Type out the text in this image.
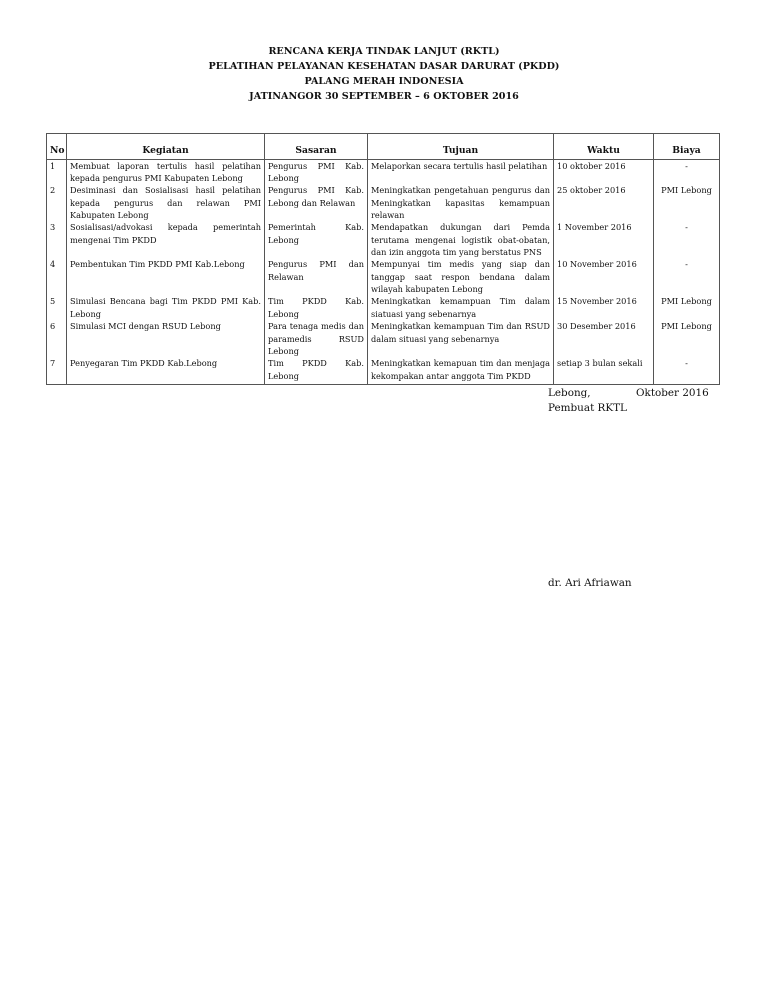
RENCANA KERJA TINDAK LANJUT (RKTL)
PELATIHAN PELAYANAN KESEHATAN DASAR DARURAT (PKDD)
PALANG MERAH INDONESIA
JATINANGOR 30 SEPTEMBER – 6 OKTOBER 2016
No	Kegiatan	Sasaran	Tujuan	Waktu	Biaya
1	Membuat laporan tertulis hasil pelatihan kepada pengurus PMI Kabupaten Lebong	Pengurus PMI Kab. Lebong	Melaporkan secara tertulis hasil pelatihan	10 oktober 2016	-
2	Desiminasi dan Sosialisasi hasil pelatihan kepada pengurus dan relawan PMI Kabupaten Lebong	Pengurus PMI Kab. Lebong dan Relawan	Meningkatkan pengetahuan pengurus dan Meningkatkan kapasitas kemampuan relawan	25 oktober 2016	PMI Lebong
3	Sosialisasi/advokasi kepada pemerintah mengenai Tim PKDD	Pemerintah Kab. Lebong	Mendapatkan dukungan dari Pemda terutama mengenai logistik obat-obatan, dan izin anggota tim yang berstatus PNS	1 November 2016	-
4	Pembentukan Tim PKDD PMI Kab.Lebong	Pengurus PMI dan Relawan	Mempunyai tim medis yang siap dan tanggap saat respon bendana dalam wilayah kabupaten Lebong	10 November 2016	-
5	Simulasi Bencana bagi Tim PKDD PMI Kab. Lebong	Tim PKDD Kab. Lebong	Meningkatkan kemampuan Tim dalam siatuasi yang sebenarnya	15 November 2016	PMI Lebong
6	Simulasi MCI dengan RSUD Lebong	Para tenaga medis dan paramedis RSUD Lebong	Meningkatkan kemampuan Tim dan RSUD dalam situasi yang sebenarnya	30 Desember 2016	PMI Lebong
7	Penyegaran Tim PKDD Kab.Lebong	Tim PKDD Kab. Lebong	Meningkatkan kemapuan tim dan menjaga kekompakan antar anggota Tim PKDD	setiap 3 bulan sekali	-
Lebong,	Oktober 2016
Pembuat RKTL
dr. Ari Afriawan
